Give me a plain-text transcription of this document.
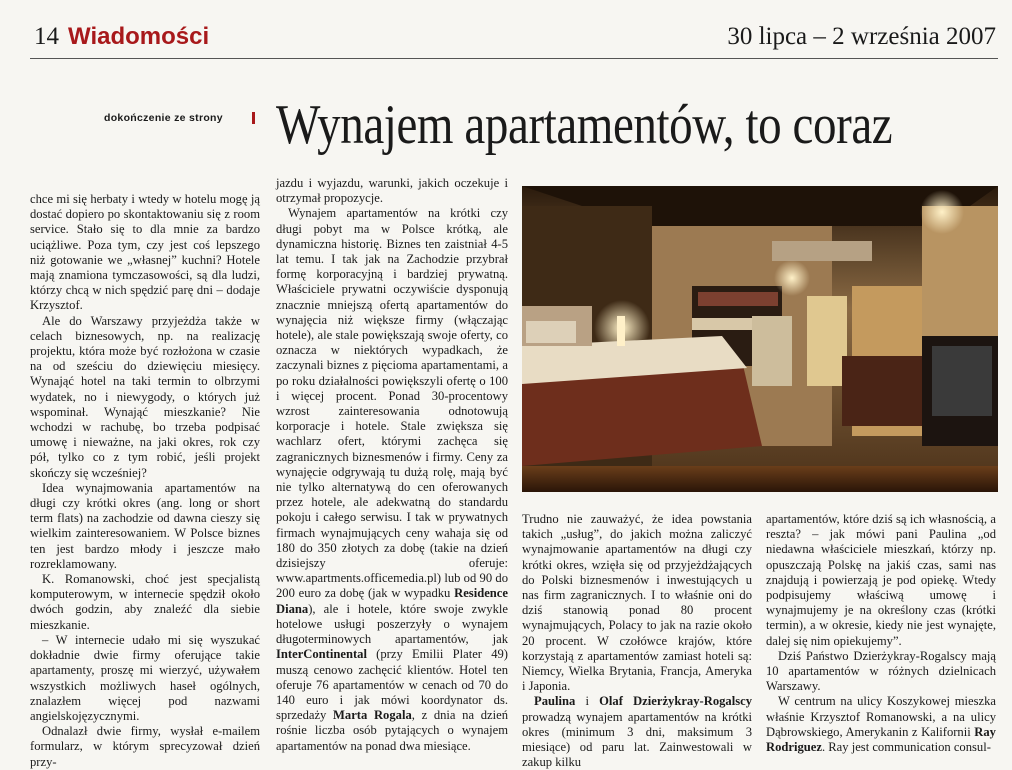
14 Wiadomości	30 lipca – 2 września 2007
dokończenie ze strony Wynajem apartamentów, to coraz

chce mi się herbaty i wtedy w hotelu mogę ją dostać dopiero po skontaktowaniu się z room service. Stało się to dla mnie za bardzo uciążliwe. Poza tym, czy jest coś lepszego niż gotowanie we „własnej” kuchni? Hotele mają znamiona tymczasowości, są dla ludzi, którzy chcą w nich spędzić parę dni – dodaje Krzysztof.

Ale do Warszawy przyjeżdża także w celach biznesowych, np. na realizację projektu, która może być rozłożona w czasie na od sześciu do dziewięciu miesięcy. Wynająć hotel na taki termin to olbrzymi wydatek, no i niewygody, o których już wspominał. Wynająć mieszkanie? Nie wchodzi w rachubę, bo trzeba podpisać umowę i nieważne, na jaki okres, rok czy pół, tylko co z tym robić, jeśli projekt skończy się wcześniej?

Idea wynajmowania apartamentów na długi czy krótki okres (ang. long or short term flats) na zachodzie od dawna cieszy się wielkim zainteresowaniem. W Polsce biznes ten jest bardzo młody i jeszcze mało rozreklamowany.

K. Romanowski, choć jest specjalistą komputerowym, w internecie spędził około dwóch godzin, aby znaleźć dla siebie mieszkanie.

– W internecie udało mi się wyszukać dokładnie dwie firmy oferujące takie apartamenty, proszę mi wierzyć, używałem wszystkich możliwych haseł ogólnych, znalazłem więcej pod nazwami angielskojęzycznymi.

Odnalazł dwie firmy, wysłał e-mailem formularz, w którym sprecyzował dzień przy-

jazdu i wyjazdu, warunki, jakich oczekuje i otrzymał propozycje.

Wynajem apartamentów na krótki czy długi pobyt ma w Polsce krótką, ale dynamiczna historię. Biznes ten zaistniał 4-5 lat temu. I tak jak na Zachodzie przybrał formę korporacyjną i bardziej prywatną. Właściciele prywatni oczywiście dysponują znacznie mniejszą ofertą apartamentów do wynajęcia niż większe firmy (włączając hotele), ale stale powiększają swoje oferty, co oznacza w niektórych wypadkach, że zaczynali biznes z pięcioma apartamentami, a po roku działalności powiększyli ofertę o 100 i więcej procent. Ponad 30-procentowy wzrost zainteresowania odnotowują korporacje i hotele. Stale zwiększa się wachlarz ofert, którymi zachęca się zagranicznych biznesmenów i firmy. Ceny za wynajęcie odgrywają tu dużą rolę, mają być nie tylko alternatywą do cen oferowanych przez hotele, ale adekwatną do standardu pokoju i całego serwisu. I tak w prywatnych firmach wynajmujących ceny wahaja się od 180 do 350 złotych za dobę (takie na dzień dzisiejszy oferuje: www.apartments.officemedia.pl) lub od 90 do 200 euro za dobę (jak w wypadku Residence Diana), ale i hotele, które swoje zwykle hotelowe usługi poszerzyły o wynajem długoterminowych apartamentów, jak InterContinental (przy Emilii Plater 49) muszą cenowo zachęcić klientów. Hotel ten oferuje 76 apartamentów w cenach od 70 do 140 euro i jak mówi koordynator ds. sprzedaży Marta Rogala, z dnia na dzień rośnie liczba osób pytających o wynajem apartamentów na ponad dwa miesiące.

Trudno nie zauważyć, że idea powstania takich „usług”, do jakich można zaliczyć wynajmowanie apartamentów na długi czy krótki okres, wzięła się od przyjeżdżających do Polski biznesmenów i inwestujących u nas firm zagranicznych. I to właśnie oni do dziś stanowią ponad 80 procent wynajmujących, Polacy to jak na razie około 20 procent. W czołówce krajów, które korzystają z apartamentów zamiast hoteli są: Niemcy, Wielka Brytania, Francja, Ameryka i Japonia.

Paulina i Olaf Dzierżykray-Rogalscy prowadzą wynajem apartamentów na krótki okres (minimum 3 dni, maksimum 3 miesiące) od paru lat. Zainwestowali w zakup kilku

apartamentów, które dziś są ich własnością, a reszta? – jak mówi pani Paulina „od niedawna właściciele mieszkań, którzy np. opuszczają Polskę na jakiś czas, sami nas znajdują i powierzają je pod opiekę. Wtedy podpisujemy właściwą umowę i wynajmujemy je na określony czas (krótki termin), a w okresie, kiedy nie jest wynajęte, dalej się nim opiekujemy”.

Dziś Państwo Dzierżykray-Rogalscy mają 10 apartamentów w różnych dzielnicach Warszawy.

W centrum na ulicy Koszykowej mieszka właśnie Krzysztof Romanowski, a na ulicy Dąbrowskiego, Amerykanin z Kalifornii Ray Rodriguez. Ray jest communication consul-
